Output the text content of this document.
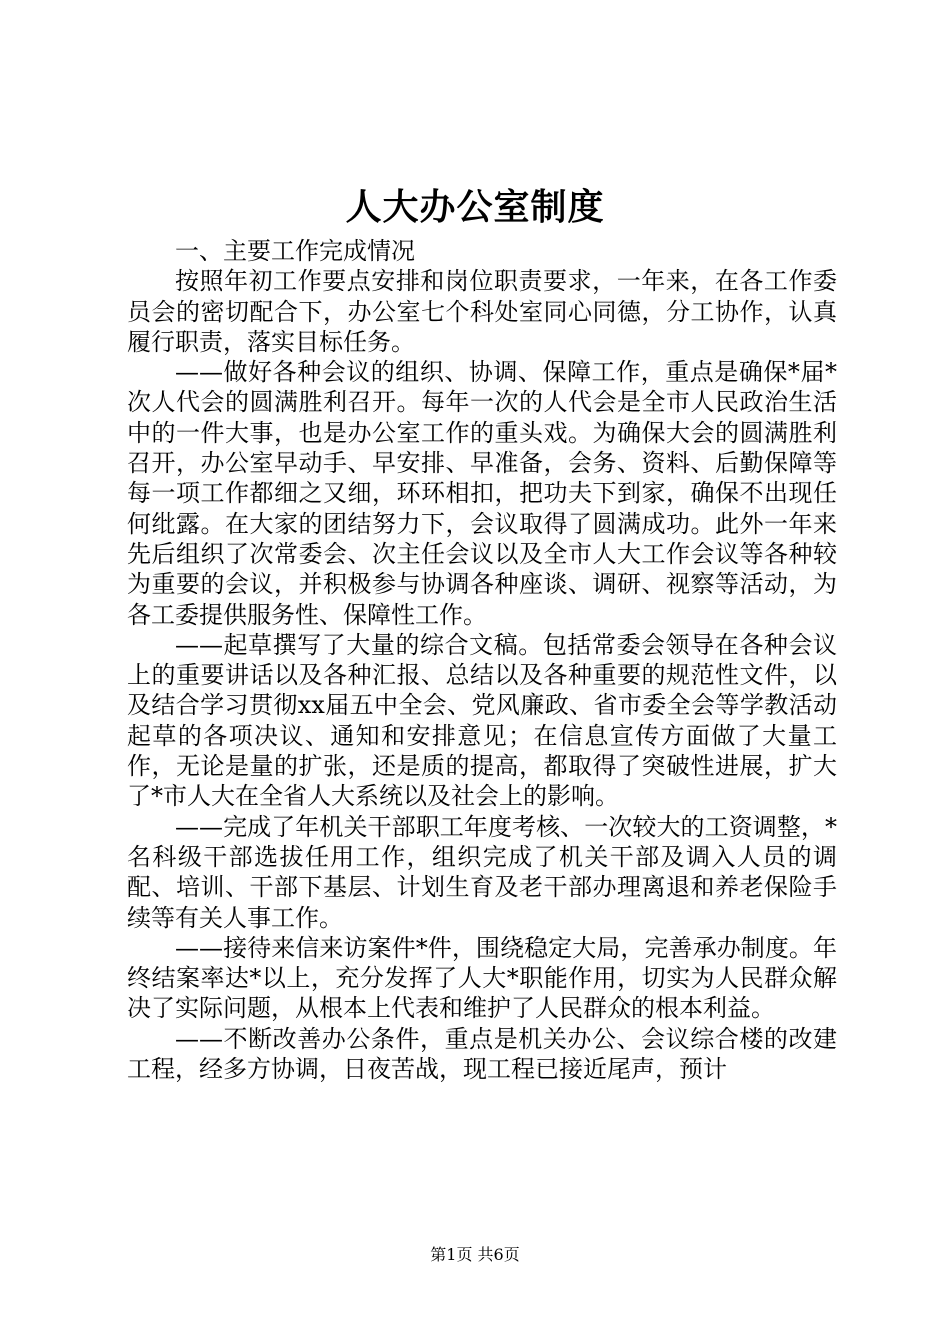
人大办公室制度

一、主要工作完成情况

按照年初工作要点安排和岗位职责要求，一年来，在各工作委员会的密切配合下，办公室七个科处室同心同德，分工协作，认真履行职责，落实目标任务。

——做好各种会议的组织、协调、保障工作，重点是确保*届*次人代会的圆满胜利召开。每年一次的人代会是全市人民政治生活中的一件大事，也是办公室工作的重头戏。为确保大会的圆满胜利召开，办公室早动手、早安排、早准备，会务、资料、后勤保障等每一项工作都细之又细，环环相扣，把功夫下到家，确保不出现任何纰露。在大家的团结努力下，会议取得了圆满成功。此外一年来先后组织了次常委会、次主任会议以及全市人大工作会议等各种较为重要的会议，并积极参与协调各种座谈、调研、视察等活动，为各工委提供服务性、保障性工作。

——起草撰写了大量的综合文稿。包括常委会领导在各种会议上的重要讲话以及各种汇报、总结以及各种重要的规范性文件，以及结合学习贯彻xx届五中全会、党风廉政、省市委全会等学教活动起草的各项决议、通知和安排意见；在信息宣传方面做了大量工作，无论是量的扩张，还是质的提高，都取得了突破性进展，扩大了*市人大在全省人大系统以及社会上的影响。

——完成了年机关干部职工年度考核、一次较大的工资调整，*名科级干部选拔任用工作，组织完成了机关干部及调入人员的调配、培训、干部下基层、计划生育及老干部办理离退和养老保险手续等有关人事工作。

——接待来信来访案件*件，围绕稳定大局，完善承办制度。年终结案率达*以上，充分发挥了人大*职能作用，切实为人民群众解决了实际问题，从根本上代表和维护了人民群众的根本利益。

——不断改善办公条件，重点是机关办公、会议综合楼的改建工程，经多方协调，日夜苦战，现工程已接近尾声，预计

第1页 共6页
